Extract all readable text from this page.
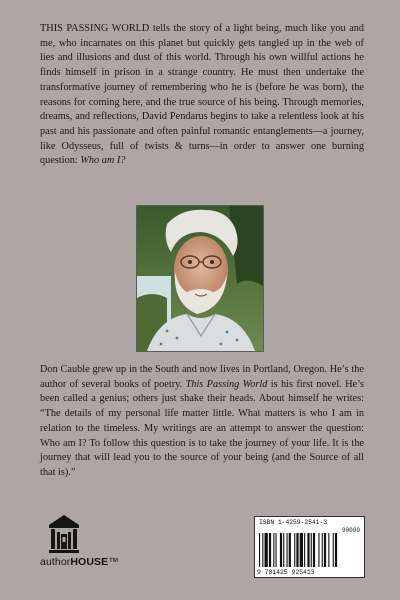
THIS PASSING WORLD tells the story of a light being, much like you and me, who incarnates on this planet but quickly gets tangled up in the web of lies and illusions and dust of this world. Through his own willful actions he finds himself in prison in a strange country. He must then undertake the transformative journey of remembering who he is (before he was born), the reasons for coming here, and the true source of his being. Through memories, dreams, and reflections, David Pendarus begins to take a relentless look at his past and his passionate and often painful romantic entanglements—a journey, like Odysseus, full of twists & turns—in order to answer one burning question: Who am I?

Don Cauble grew up in the South and now lives in Portland, Oregon. He’s the author of several books of poetry. This Passing World is his first novel. He’s been called a genius; others just shake their heads. About himself he writes: “The details of my personal life matter little. What matters is who I am in relation to the timeless. My writings are an attempt to answer the question: Who am I? To follow this question is to take the journey of your life. It is the journey that will lead you to the source of your being (and the Source of all that is).”

authorHOUSE™
ISBN 1-4259-2541-3
90000
9 781425 925413
